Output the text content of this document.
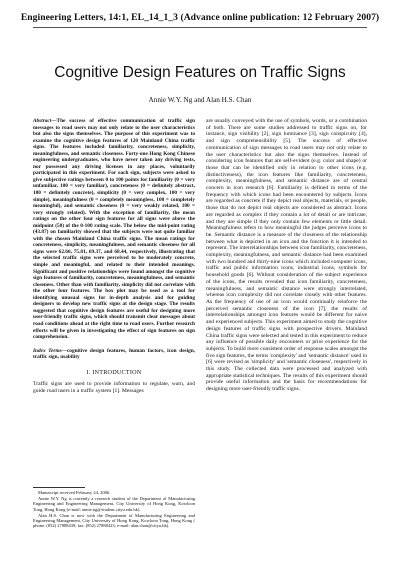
Engineering Letters, 14:1, EL_14_1_3 (Advance online publication: 12 February 2007)
Cognitive Design Features on Traffic Signs
Annie W.Y. Ng and Alan H.S. Chan

Abstract—The success of effective communication of traffic sign messages to road users may not only relate to the user characteristics but also the signs themselves. The purpose of this experiment was to examine the cognitive design features of 120 Mainland China traffic signs. The features included familiarity, concreteness, simplicity, meaningfulness, and semantic closeness. Forty-one Hong Kong Chinese engineering undergraduates, who have never taken any driving tests, nor possessed any driving licenses in any places, voluntarily participated in this experiment. For each sign, subjects were asked to give subjective ratings between 0 to 100 points for familiarity (0 = very unfamiliar, 100 = very familiar), concreteness (0 = definitely abstract, 100 = definitely concrete), simplicity (0 = very complex, 100 = very simple), meaningfulness (0 = completely meaningless, 100 = completely meaningful), and semantic closeness (0 = very weakly related, 100 = very strongly related). With the exception of familiarity, the mean ratings on the other four sign features for all signs were above the midpoint (50) of the 0-100 rating scale. The below the mid-point rating (43.87) on familiarity showed that the subjects were not quite familiar with the chosen Mainland China traffic signs. The mean ratings for concreteness, simplicity, meaningfulness, and semantic closeness for all signs were 62.60, 75.81, 69.37, and 68.44, respectively, illustrating that the selected traffic signs were perceived to be moderately concrete, simple and meaningful, and related to their intended meanings. Significant and positive relationships were found amongst the cognitive sign features of familiarity, concreteness, meaningfulness, and semantic closeness. Other than with familiarity, simplicity did not correlate with the other four features. The box plot may be used as a tool for identifying unusual signs for in-depth analysis and for guiding designers to develop new traffic signs at the design stage. The results suggested that cognitive design features are useful for designing more user-friendly traffic signs, which should transmit clear messages about road conditions ahead at the right time to road users. Further research efforts will be given in investigating the effect of sign features on sign comprehension.

Index Terms—cognitive design features, human factors, icon design, traffic sign, usability

I. INTRODUCTION

Traffic signs are used to provide information to regulate, warn, and guide road users in a traffic system [1]. Messages

Manuscript received February 24, 2006.

Annie W.Y. Ng is currently a research student of the Department of Manufacturing Engineering and Engineering Management, City University of Hong Kong, Kowloon Tong, Hong Kong (e-mail: annie.ng@student.cityu.edu.hk).

Alan H.S. Chan is now with the Department of Manufacturing Engineering and Engineering Management, City University of Hong Kong, Kowloon Tong, Hong Kong ( phone: (852) 27888439; fax: (852) 27888423; e-mail: alan.chan@cityu.hk).

are usually conveyed with the use of symbols, words, or a combination of both. There are some studies addressed to traffic signs on, for instance, sign visibility [2], sign luminance [3], sign conspicuity [4], and sign comprehensibility [5]. The success of effective communication of sign messages to road users may not only relate to the user characteristics but also the signs themselves. Instead of considering icon features that are self-evident (e.g. color and shape) or those that can be identified only in relation to other icons (e.g. distinctiveness), the icon features like familiarity, concreteness, complexity, meaningfulness, and semantic distance are of central concern in icon research [6]. Familiarity is defined in terms of the frequency with which icons had been encountered by subjects. Icons are regarded as concrete if they depict real objects, materials, or people, those that do not depict real objects are considered as abstract. Icons are regarded as complex if they contain a lot of detail or are intricate, and they are simple if they only contain few elements or little detail. Meaningfulness refers to how meaningful the judges perceive icons to be. Semantic distance is a measure of the closeness of the relationship between what is depicted in an icon and the function it is intended to represent. The interrelationships between icon familiarity, concreteness, complexity, meaningfulness, and semantic distance had been examined with two hundred and thirty-nine icons which included computer icons, traffic and public information icons, industrial icons, symbols for household goods [6]. Without consideration of the subject experience of the icons, the results revealed that icon familiarity, concreteness, meaningfulness, and semantic distance were strongly interrelated, whereas icon complexity did not correlate closely with other features. As the frequency of use of an icon would continually reinforce the perceived semantic closeness of the icon [7], the results of interrelationships amongst icon features would be different for naive and experienced subjects. This experiment aimed to study the cognitive design features of traffic signs with prospective drivers. Mainland China traffic signs were selected and tested in this experiment to reduce any influence of possible daily encounters or prior experience for the subjects. To build more consistent order of response scales amongst the five sign features, the terms 'complexity' and 'semantic distance' used in [6] were revised as 'simplicity' and 'semantic closeness', respectively in this study. The collected data were processed and analyzed with appropriate statistical techniques. The results of this experiment should provide useful information and the basis for recommendations for designing more user-friendly traffic signs.
